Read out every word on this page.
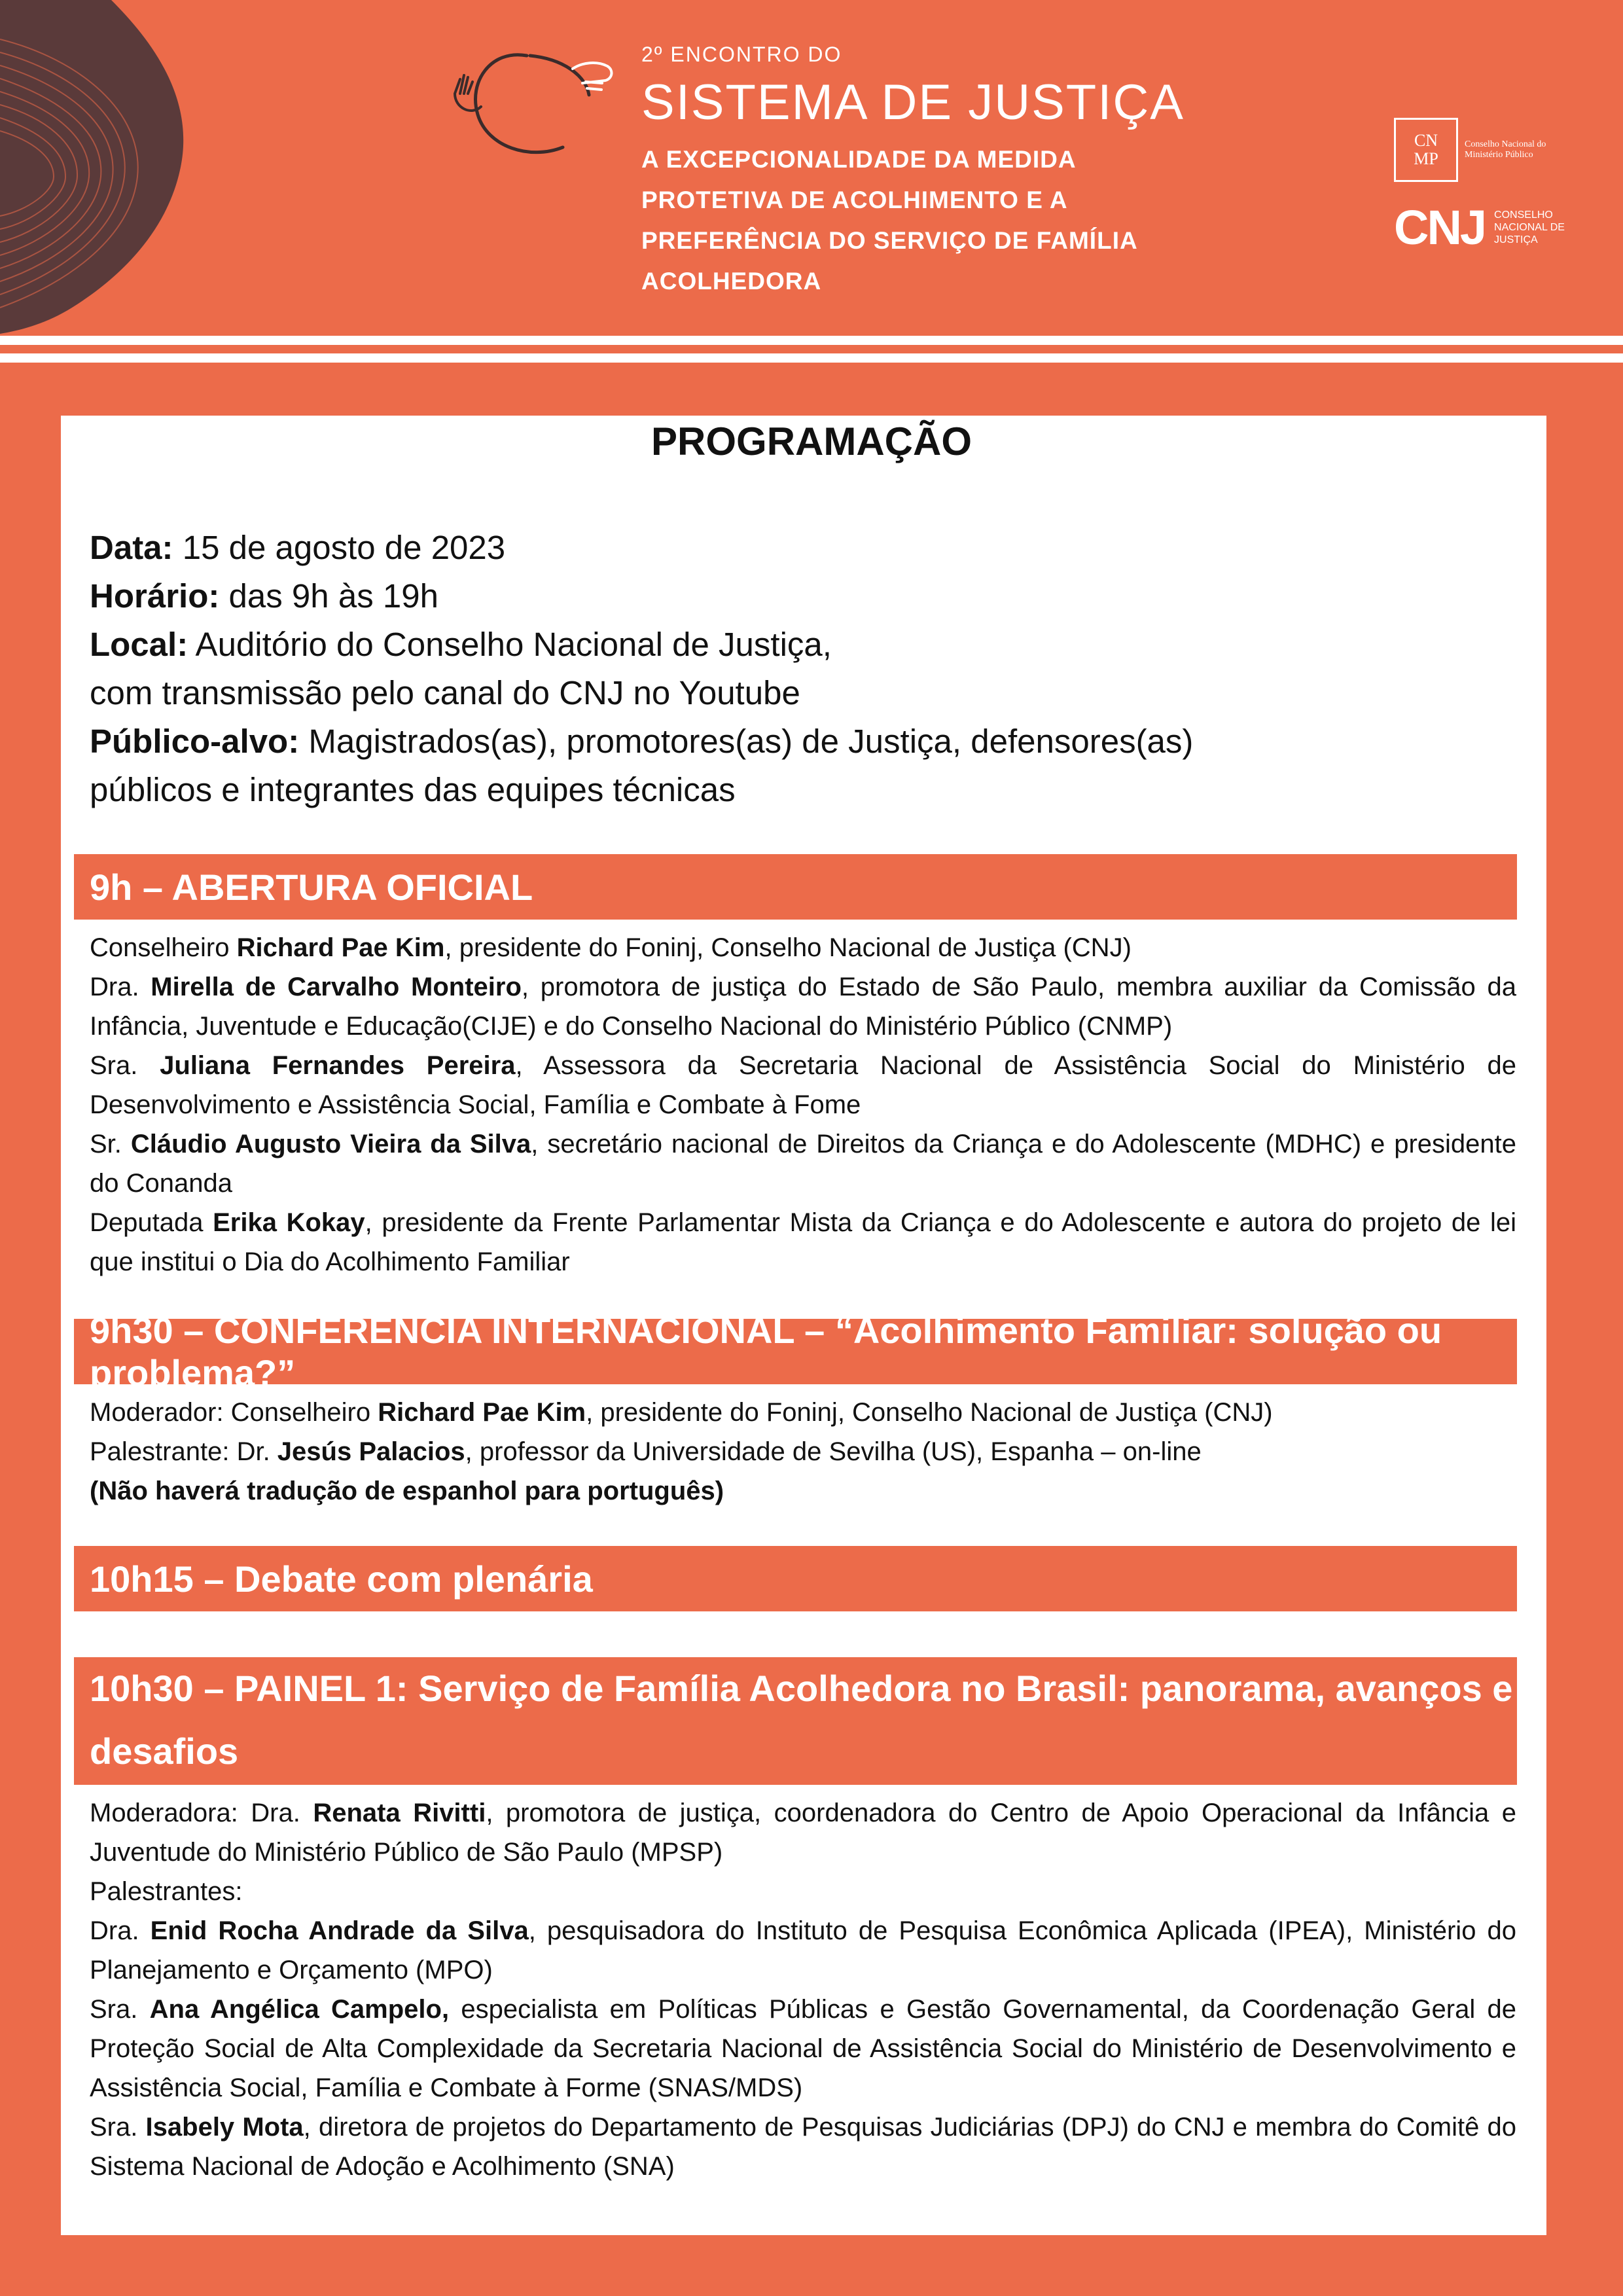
2º ENCONTRO DO
SISTEMA DE JUSTIÇA
A EXCEPCIONALIDADE DA MEDIDA PROTETIVA DE ACOLHIMENTO E A PREFERÊNCIA DO SERVIÇO DE FAMÍLIA ACOLHEDORA
CN
MP
Conselho Nacional do Ministério Público
CNJ CONSELHO NACIONAL DE JUSTIÇA
PROGRAMAÇÃO
Data: 15 de agosto de 2023
Horário: das 9h às 19h
Local: Auditório do Conselho Nacional de Justiça,
com transmissão pelo canal do CNJ no Youtube
Público-alvo: Magistrados(as), promotores(as) de Justiça, defensores(as)
públicos e integrantes das equipes técnicas
9h – ABERTURA OFICIAL

Conselheiro Richard Pae Kim, presidente do Foninj, Conselho Nacional de Justiça (CNJ)

Dra. Mirella de Carvalho Monteiro, promotora de justiça do Estado de São Paulo, membra auxiliar da Comissão da Infância, Juventude e Educação(CIJE) e do Conselho Nacional do Ministério Público (CNMP)

Sra. Juliana Fernandes Pereira, Assessora da Secretaria Nacional de Assistência Social do Ministério de Desenvolvimento e Assistência Social, Família e Combate à Fome

Sr. Cláudio Augusto Vieira da Silva, secretário nacional de Direitos da Criança e do Adolescente (MDHC) e presidente do Conanda

Deputada Erika Kokay, presidente da Frente Parlamentar Mista da Criança e do Adolescente e autora do projeto de lei que institui o Dia do Acolhimento Familiar

9h30 – CONFERÊNCIA INTERNACIONAL – “Acolhimento Familiar: solução ou problema?”

Moderador: Conselheiro Richard Pae Kim, presidente do Foninj, Conselho Nacional de Justiça (CNJ)

Palestrante: Dr. Jesús Palacios, professor da Universidade de Sevilha (US), Espanha – on-line

(Não haverá tradução de espanhol para português)

10h15 – Debate com plenária
10h30 – PAINEL 1: Serviço de Família Acolhedora no Brasil: panorama, avanços e desafios

Moderadora: Dra. Renata Rivitti, promotora de justiça, coordenadora do Centro de Apoio Operacional da Infância e Juventude do Ministério Público de São Paulo (MPSP)

Palestrantes:

Dra. Enid Rocha Andrade da Silva, pesquisadora do Instituto de Pesquisa Econômica Aplicada (IPEA), Ministério do Planejamento e Orçamento (MPO)

Sra. Ana Angélica Campelo, especialista em Políticas Públicas e Gestão Governamental, da Coordenação Geral de Proteção Social de Alta Complexidade da Secretaria Nacional de Assistência Social do Ministério de Desenvolvimento e Assistência Social, Família e Combate à Forme (SNAS/MDS)

Sra. Isabely Mota, diretora de projetos do Departamento de Pesquisas Judiciárias (DPJ) do CNJ e membra do Comitê do Sistema Nacional de Adoção e Acolhimento (SNA)
